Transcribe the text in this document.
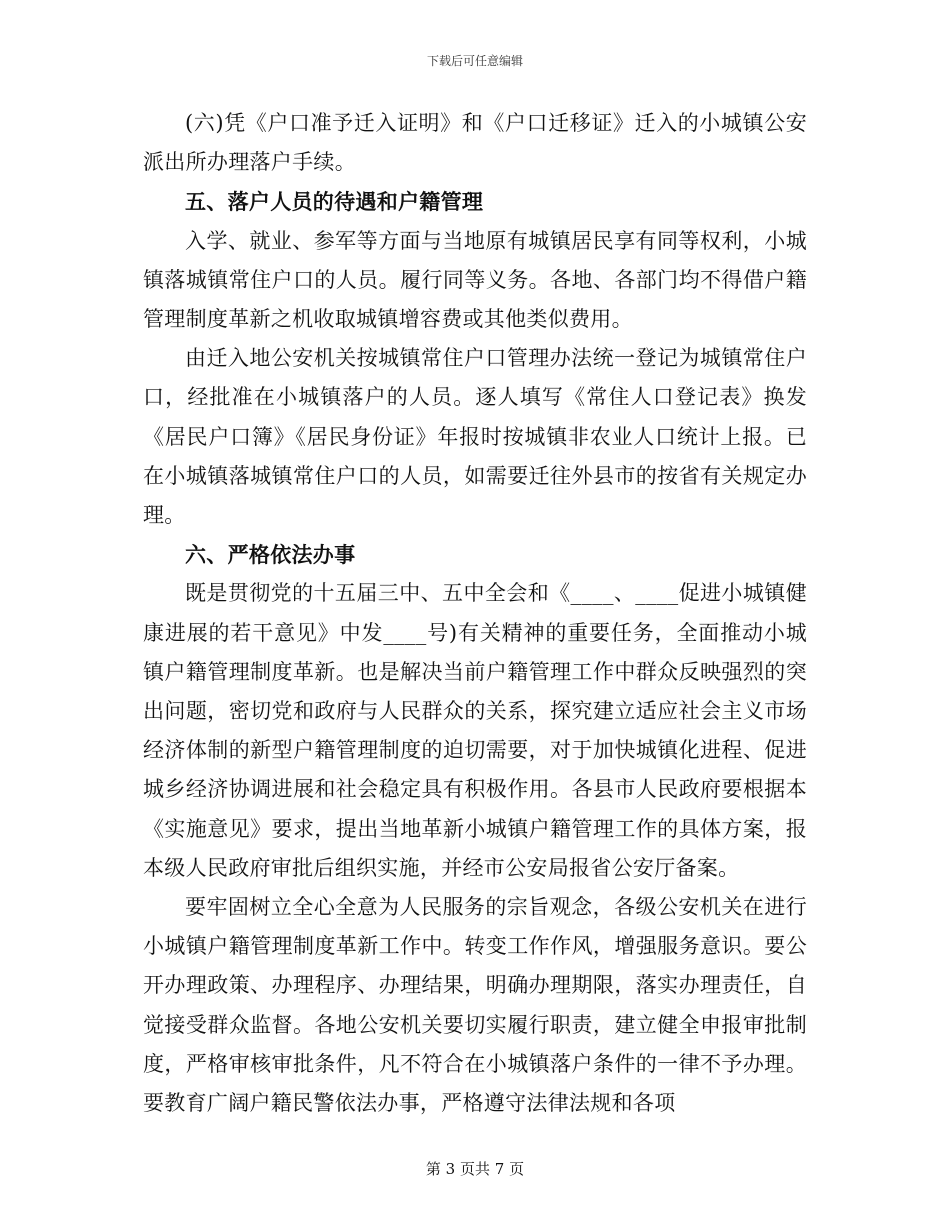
下载后可任意编辑

(六)凭《户口准予迁入证明》和《户口迁移证》迁入的小城镇公安派出所办理落户手续。

五、落户人员的待遇和户籍管理

入学、就业、参军等方面与当地原有城镇居民享有同等权利，小城镇落城镇常住户口的人员。履行同等义务。各地、各部门均不得借户籍管理制度革新之机收取城镇增容费或其他类似费用。

由迁入地公安机关按城镇常住户口管理办法统一登记为城镇常住户口，经批准在小城镇落户的人员。逐人填写《常住人口登记表》换发《居民户口簿》《居民身份证》年报时按城镇非农业人口统计上报。已在小城镇落城镇常住户口的人员，如需要迁往外县市的按省有关规定办理。

六、严格依法办事

既是贯彻党的十五届三中、五中全会和《____、____促进小城镇健康进展的若干意见》中发____号)有关精神的重要任务，全面推动小城镇户籍管理制度革新。也是解决当前户籍管理工作中群众反映强烈的突出问题，密切党和政府与人民群众的关系，探究建立适应社会主义市场经济体制的新型户籍管理制度的迫切需要，对于加快城镇化进程、促进城乡经济协调进展和社会稳定具有积极作用。各县市人民政府要根据本《实施意见》要求，提出当地革新小城镇户籍管理工作的具体方案，报本级人民政府审批后组织实施，并经市公安局报省公安厅备案。

要牢固树立全心全意为人民服务的宗旨观念，各级公安机关在进行小城镇户籍管理制度革新工作中。转变工作作风，增强服务意识。要公开办理政策、办理程序、办理结果，明确办理期限，落实办理责任，自觉接受群众监督。各地公安机关要切实履行职责，建立健全申报审批制度，严格审核审批条件，凡不符合在小城镇落户条件的一律不予办理。要教育广阔户籍民警依法办事，严格遵守法律法规和各项

第 3 页共 7 页
